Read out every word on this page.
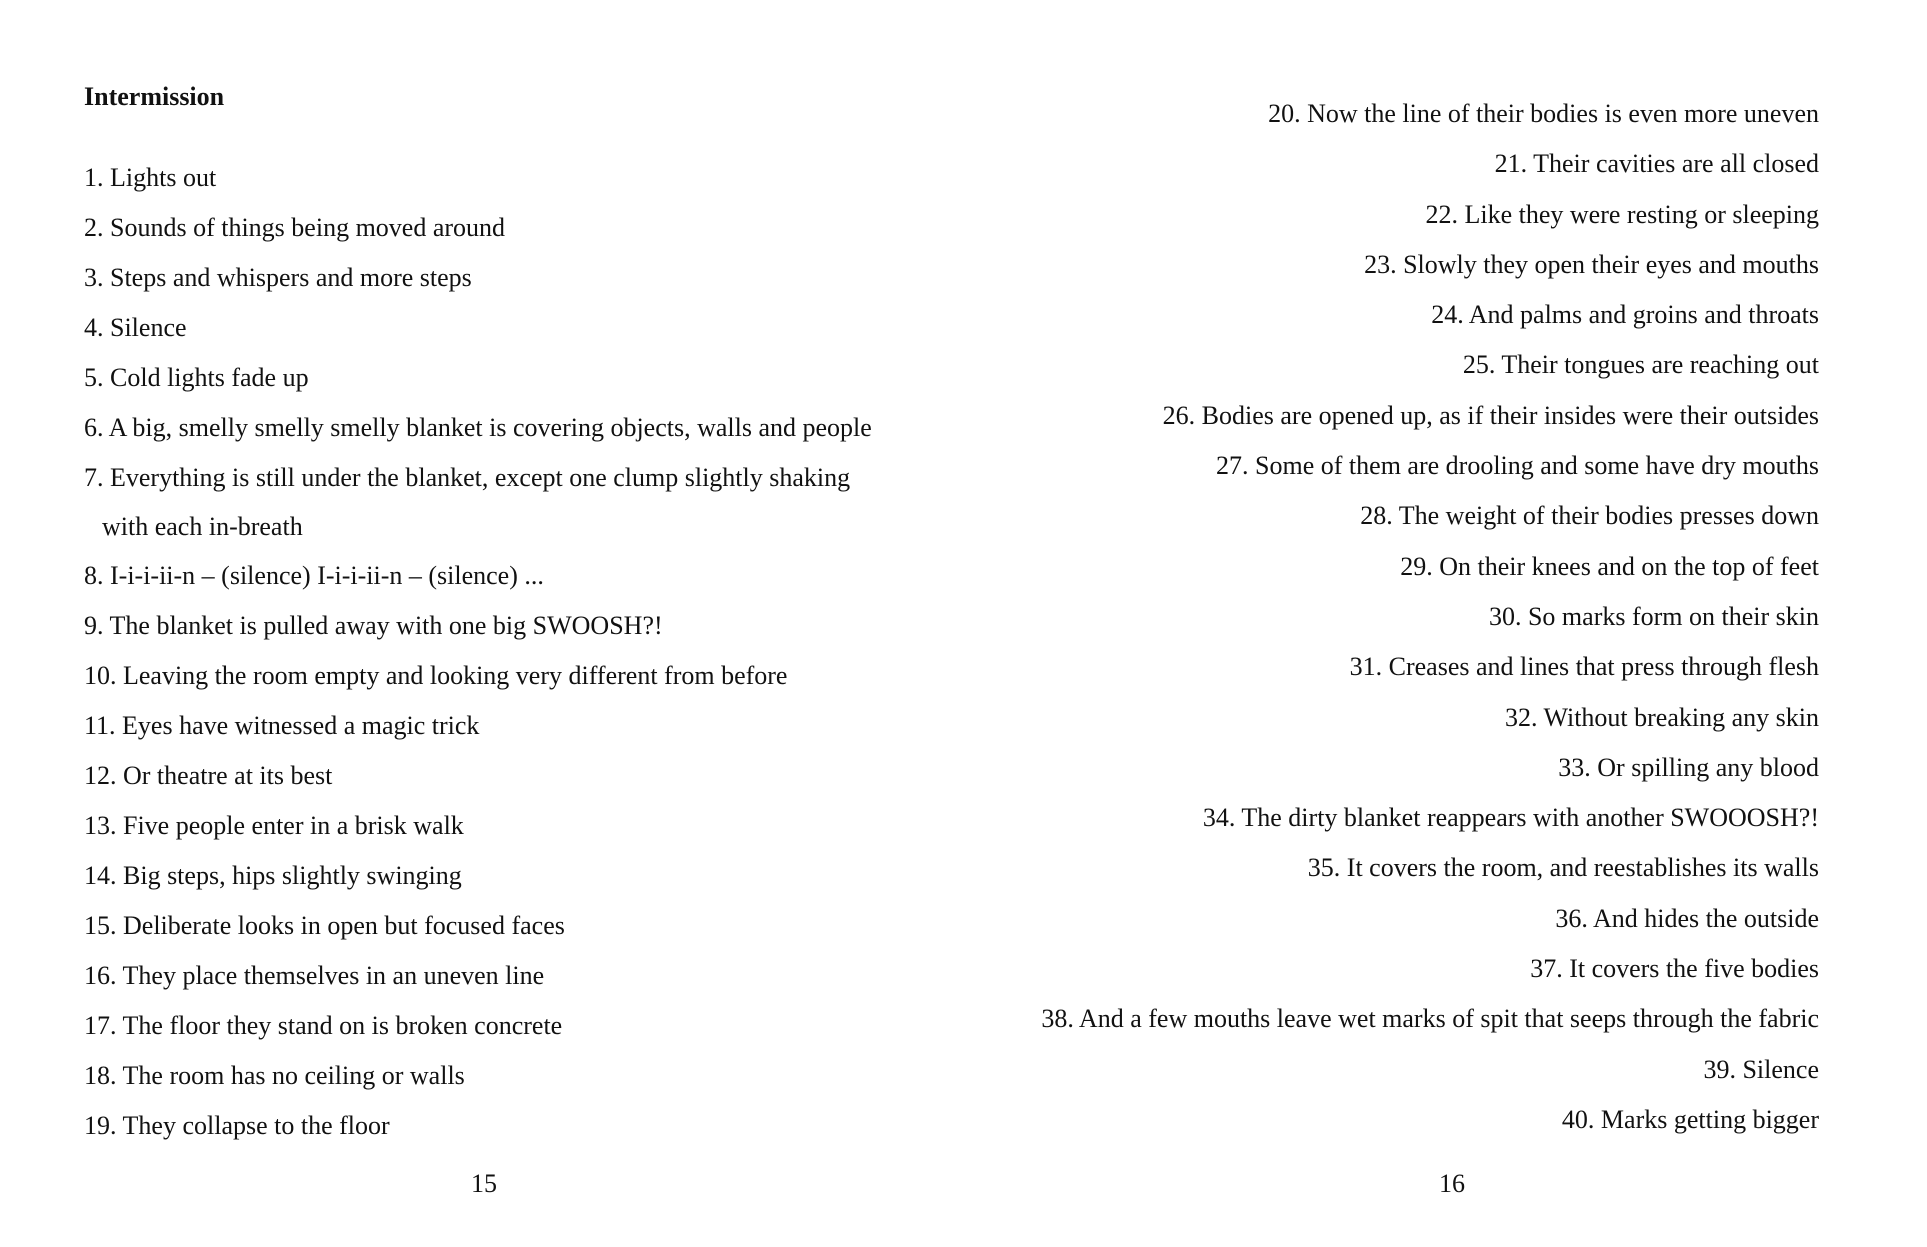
Intermission
1. Lights out
2. Sounds of things being moved around
3. Steps and whispers and more steps
4. Silence
5. Cold lights fade up
6. A big, smelly smelly smelly blanket is covering objects, walls and people
7. Everything is still under the blanket, except one clump slightly shaking
with each in-breath
8. I-i-i-ii-n – (silence) I-i-i-ii-n – (silence) ...
9. The blanket is pulled away with one big SWOOSH?!
10. Leaving the room empty and looking very different from before
11. Eyes have witnessed a magic trick
12. Or theatre at its best
13. Five people enter in a brisk walk
14. Big steps, hips slightly swinging
15. Deliberate looks in open but focused faces
16. They place themselves in an uneven line
17. The floor they stand on is broken concrete
18. The room has no ceiling or walls
19. They collapse to the floor
15
20. Now the line of their bodies is even more uneven
21. Their cavities are all closed
22. Like they were resting or sleeping
23. Slowly they open their eyes and mouths
24. And palms and groins and throats
25. Their tongues are reaching out
26. Bodies are opened up, as if their insides were their outsides
27. Some of them are drooling and some have dry mouths
28. The weight of their bodies presses down
29. On their knees and on the top of feet
30. So marks form on their skin
31. Creases and lines that press through flesh
32. Without breaking any skin
33. Or spilling any blood
34. The dirty blanket reappears with another SWOOOSH?!
35. It covers the room, and reestablishes its walls
36. And hides the outside
37. It covers the five bodies
38. And a few mouths leave wet marks of spit that seeps through the fabric
39. Silence
40. Marks getting bigger
16
